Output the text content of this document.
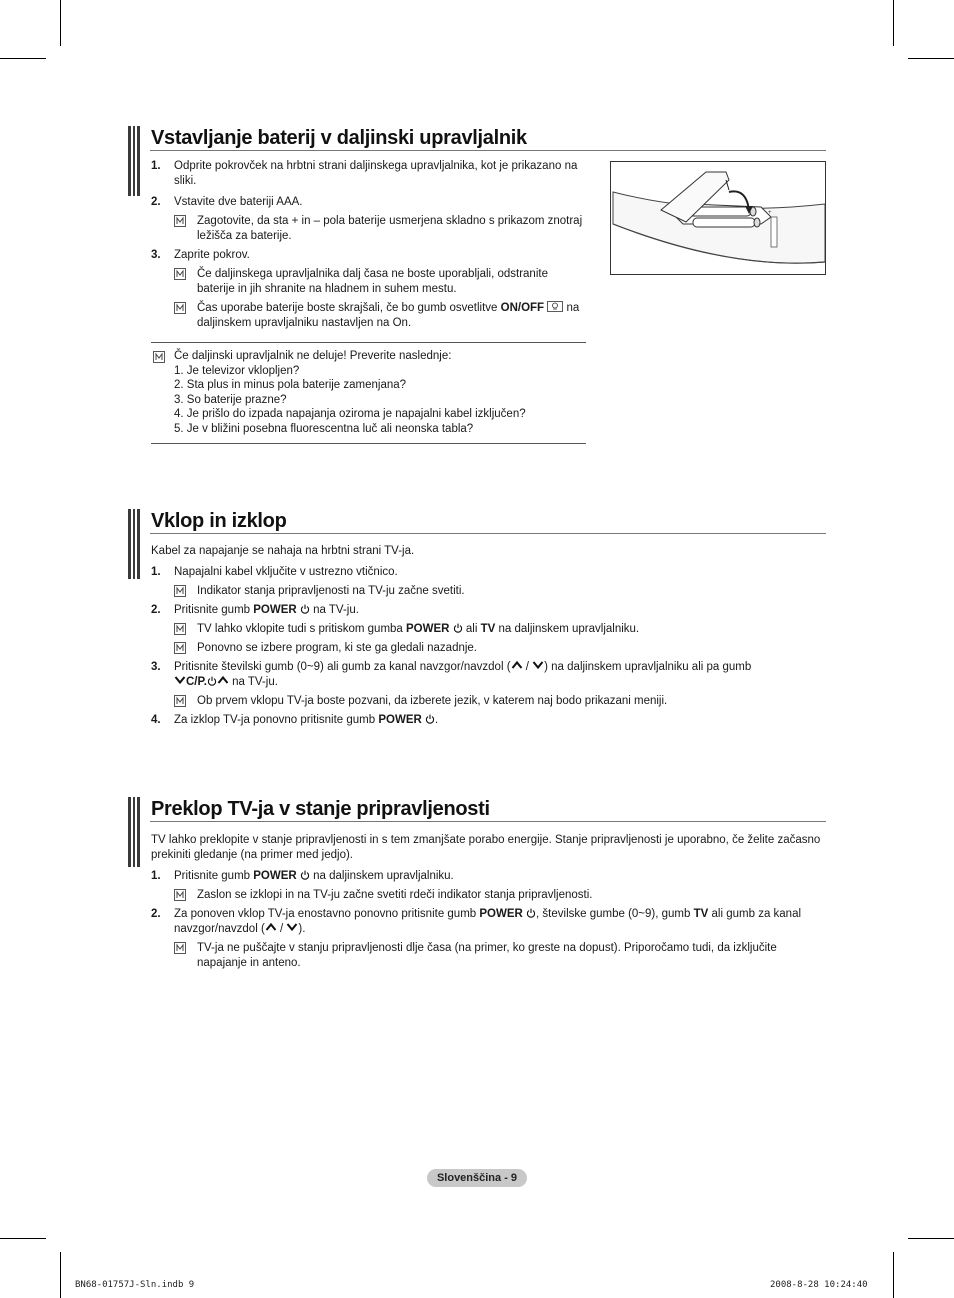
Vstavljanje baterij v daljinski upravljalnik
1.	Odprite pokrovček na hrbtni strani daljinskega upravljalnika, kot je prikazano na sliki.
2.	Vstavite dve bateriji AAA.
Zagotovite, da sta + in – pola baterije usmerjena skladno s prikazom znotraj ležišča za baterije.
3.	Zaprite pokrov.
Če daljinskega upravljalnika dalj časa ne boste uporabljali, odstranite baterije in jih shranite na hladnem in suhem mestu.
Čas uporabe baterije boste skrajšali, če bo gumb osvetlitve ON/OFF na daljinskem upravljalniku nastavljen na On.
+
Če daljinski upravljalnik ne deluje! Preverite naslednje:
1. Je televizor vklopljen?
2. Sta plus in minus pola baterije zamenjana?
3. So baterije prazne?
4. Je prišlo do izpada napajanja oziroma je napajalni kabel izklјučen?
5. Je v bližini posebna fluorescentna luč ali neonska tabla?
Vklop in izklop
Kabel za napajanje se nahaja na hrbtni strani TV-ja.
1.	Napajalni kabel vključite v ustrezno vtičnico.
Indikator stanja pripravljenosti na TV-ju začne svetiti.
2.	Pritisnite gumb POWER na TV-ju.
TV lahko vklopite tudi s pritiskom gumba POWER ali TV na daljinskem upravljalniku.
Ponovno se izbere program, ki ste ga gledali nazadnje.
3.	Pritisnite številski gumb (0~9) ali gumb za kanal navzgor/navzdol ( / ) na daljinskem upravljalniku ali pa gumb
C/P. na TV-ju.
Ob prvem vklopu TV-ja boste pozvani, da izberete jezik, v katerem naj bodo prikazani meniji.
4.	Za izklop TV-ja ponovno pritisnite gumb POWER .
Preklop TV-ja v stanje pripravljenosti
TV lahko preklopite v stanje pripravljenosti in s tem zmanjšate porabo energije. Stanje pripravljenosti je uporabno, če želite začasno prekiniti gledanje (na primer med jedjo).
1.	Pritisnite gumb POWER na daljinskem upravljalniku.
Zaslon se izklopi in na TV-ju začne svetiti rdeči indikator stanja pripravljenosti.
2.	Za ponoven vklop TV-ja enostavno ponovno pritisnite gumb POWER , številske gumbe (0~9), gumb TV ali gumb za kanal navzgor/navzdol ( / ).
TV-ja ne puščajte v stanju pripravljenosti dlje časa (na primer, ko greste na dopust). Priporočamo tudi, da izklјučite napajanje in anteno.
Slovenščina - 9
BN68-01757J-Sln.indb 9	2008-8-28 10:24:40
